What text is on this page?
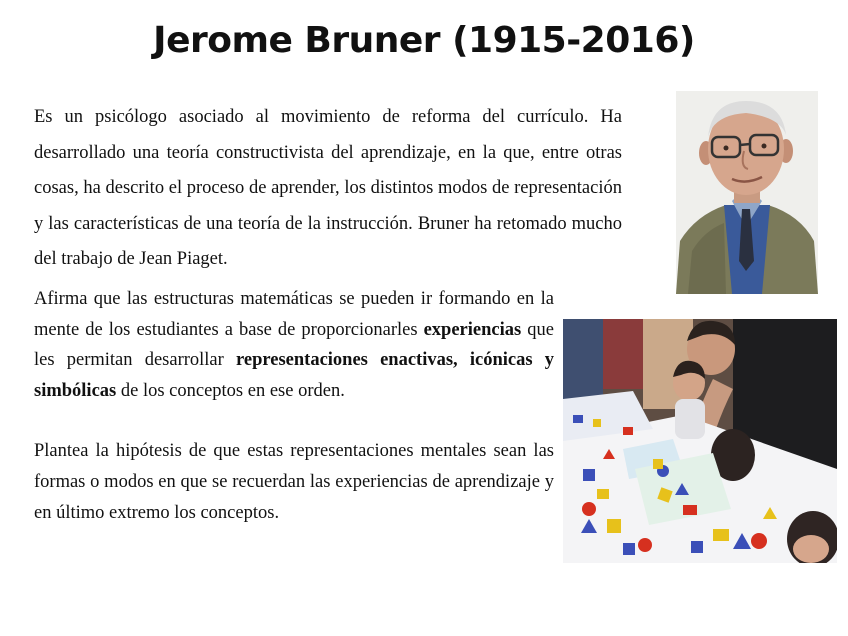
Jerome Bruner (1915-2016)
Es un psicólogo asociado al movimiento de reforma del currículo. Ha desarrollado una teoría constructivista del aprendizaje, en la que, entre otras cosas, ha descrito el proceso de aprender, los distintos modos de representación y las características de una teoría de la instrucción. Bruner ha retomado mucho del trabajo de Jean Piaget.
Afirma que las estructuras matemáticas se pueden ir formando en la mente de los estudiantes a base de proporcionarles experiencias que les permitan desarrollar representaciones enactivas, icónicas y simbólicas de los conceptos en ese orden.
Plantea la hipótesis de que estas representaciones mentales sean las formas o modos en que se recuerdan las experiencias de aprendizaje y en último extremo los conceptos.
